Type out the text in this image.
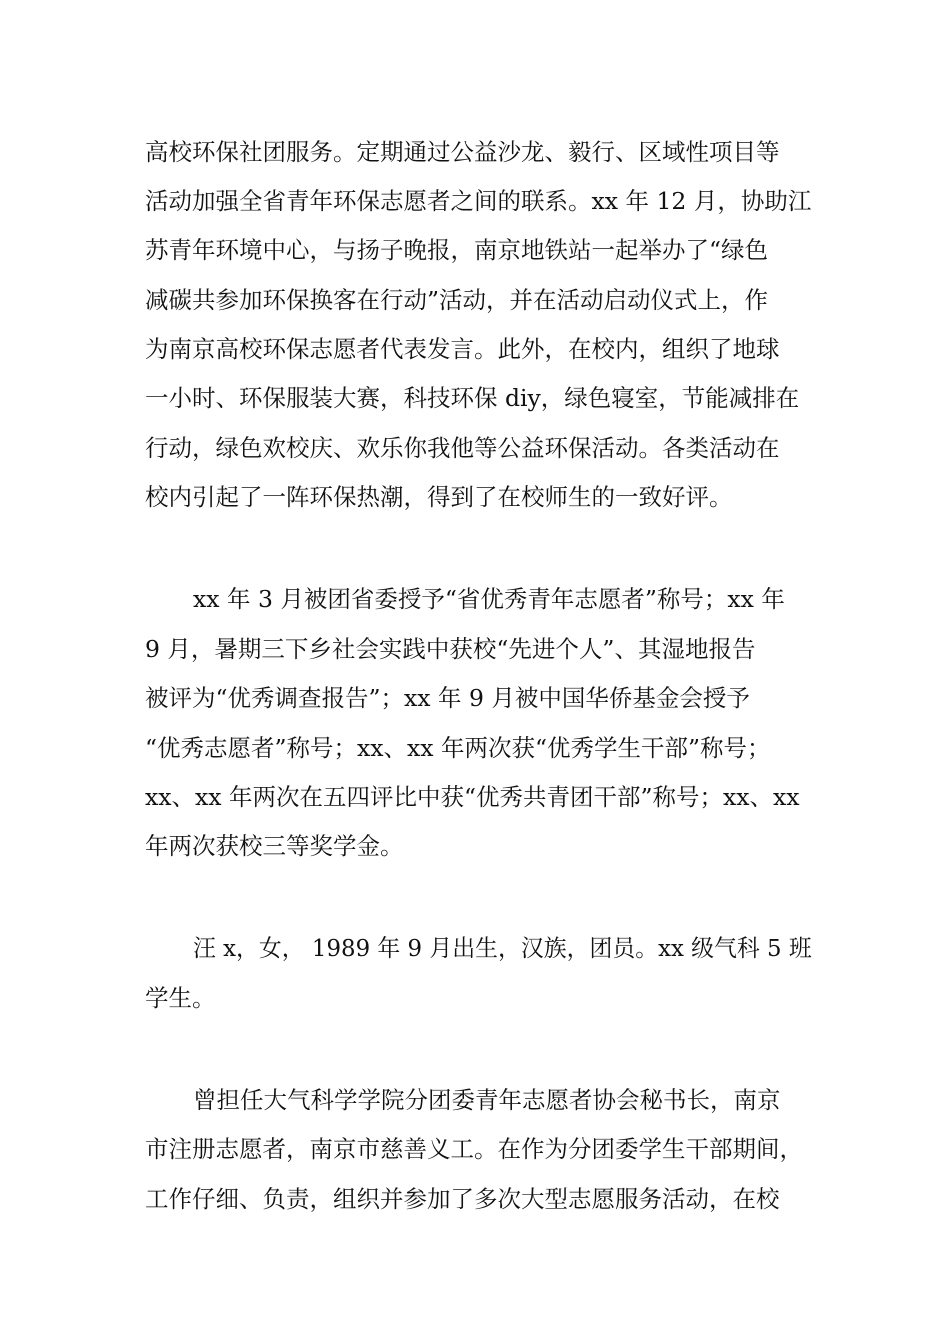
高校环保社团服务。定期通过公益沙龙、毅行、区域性项目等
活动加强全省青年环保志愿者之间的联系。xx 年 12 月，协助江
苏青年环境中心，与扬子晚报，南京地铁站一起举办了“绿色
减碳共参加环保换客在行动”活动，并在活动启动仪式上，作
为南京高校环保志愿者代表发言。此外，在校内，组织了地球
一小时、环保服装大赛，科技环保 diy，绿色寝室，节能减排在
行动，绿色欢校庆、欢乐你我他等公益环保活动。各类活动在
校内引起了一阵环保热潮，得到了在校师生的一致好评。
xx 年 3 月被团省委授予“省优秀青年志愿者”称号；xx 年
9 月，暑期三下乡社会实践中获校“先进个人”、其湿地报告
被评为“优秀调查报告”；xx 年 9 月被中国华侨基金会授予
“优秀志愿者”称号；xx、xx 年两次获“优秀学生干部”称号；
xx、xx 年两次在五四评比中获“优秀共青团干部”称号；xx、xx
年两次获校三等奖学金。
汪 x，女， 1989 年 9 月出生，汉族，团员。xx 级气科 5 班
学生。
曾担任大气科学学院分团委青年志愿者协会秘书长，南京
市注册志愿者，南京市慈善义工。在作为分团委学生干部期间，
工作仔细、负责，组织并参加了多次大型志愿服务活动，在校
